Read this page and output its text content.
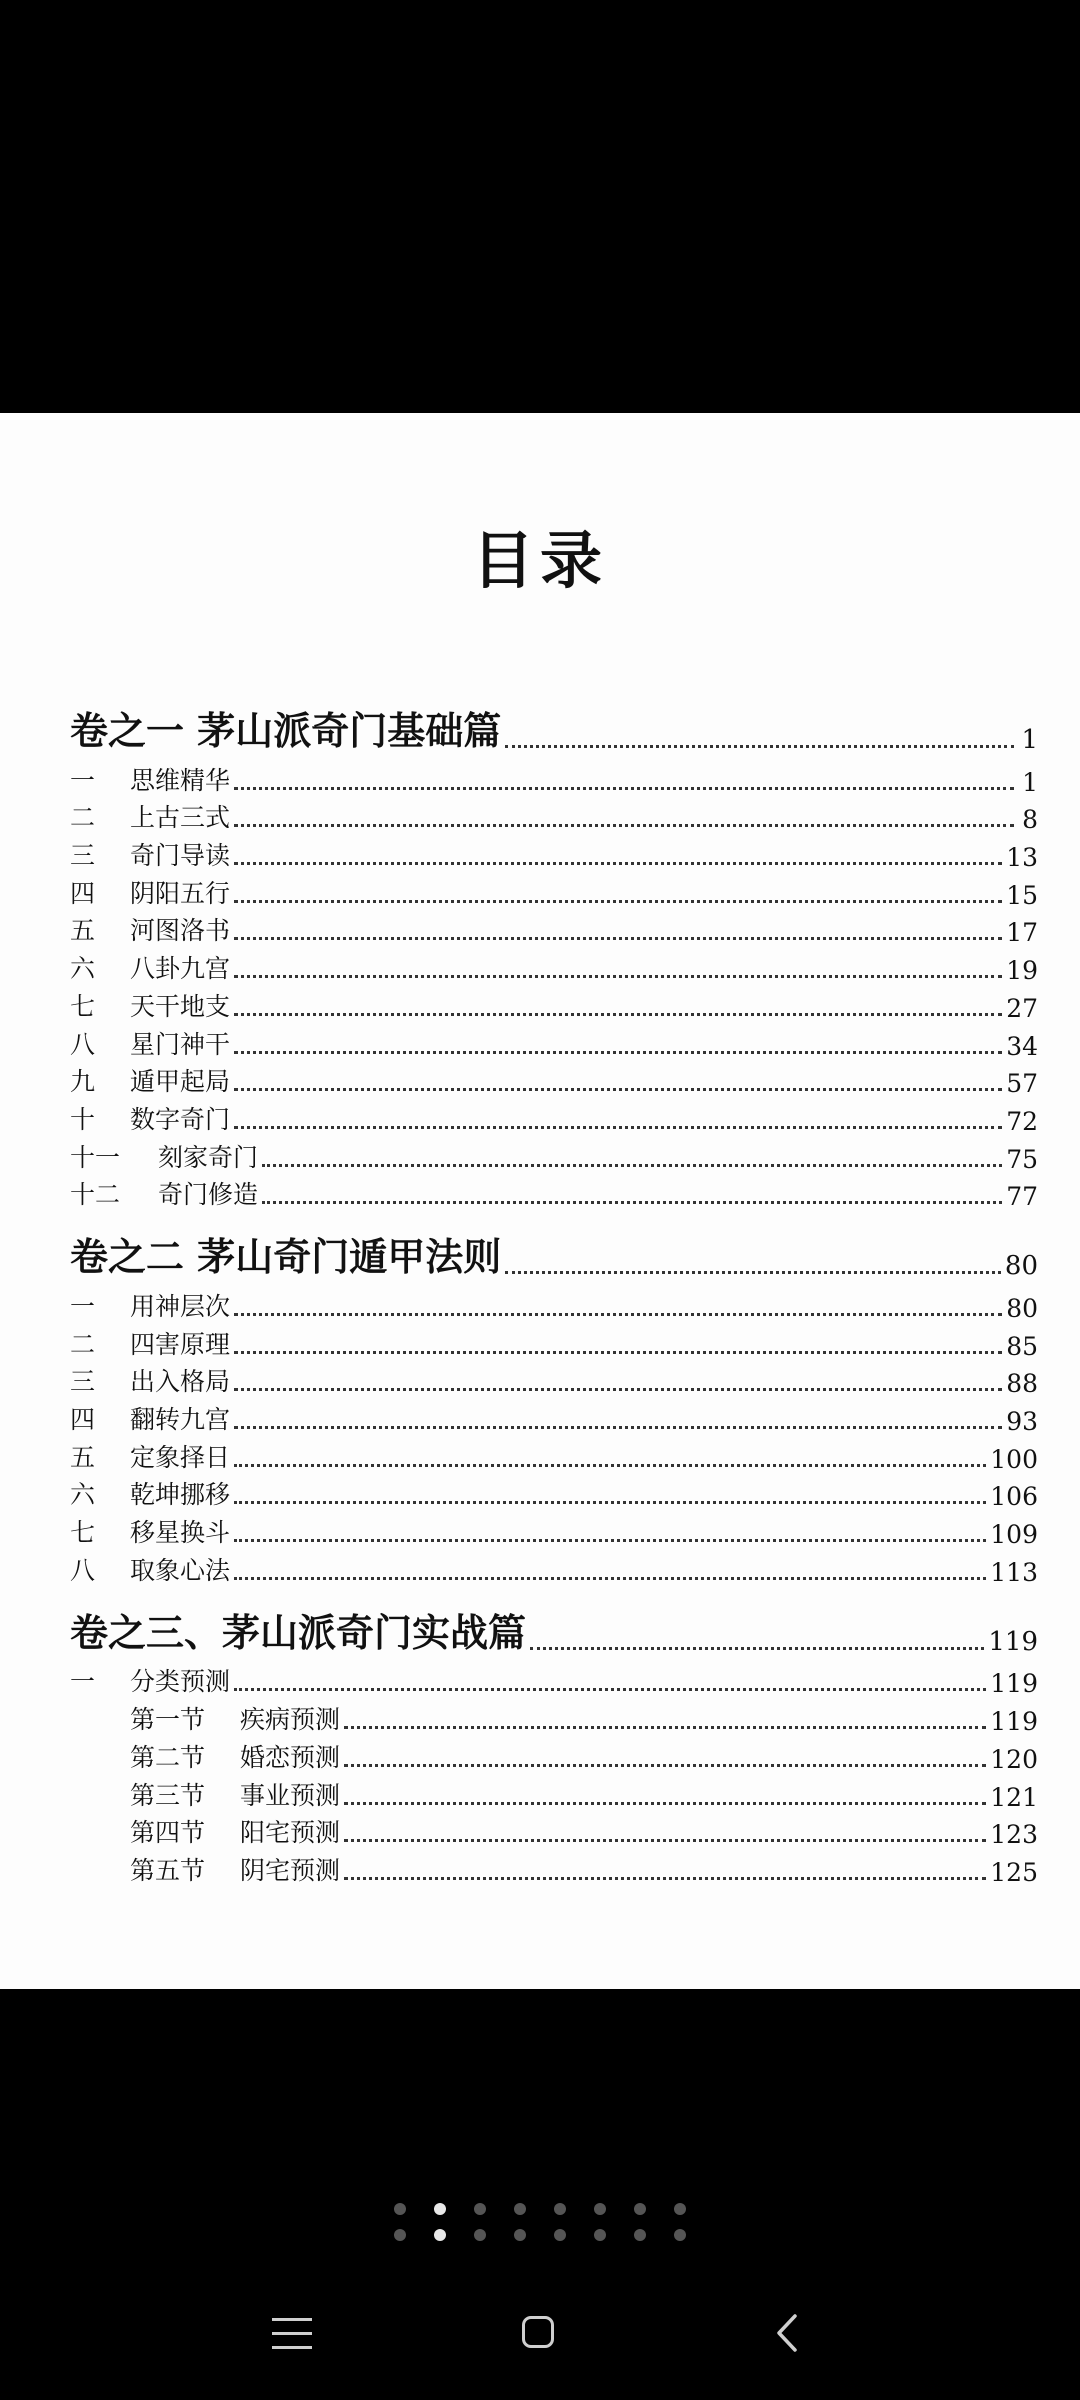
目录
卷之一 茅山派奇门基础篇	1
一	思维精华	1
二	上古三式	8
三	奇门导读	13
四	阴阳五行	15
五	河图洛书	17
六	八卦九宫	19
七	天干地支	27
八	星门神干	34
九	遁甲起局	57
十	数字奇门	72
十一	刻家奇门	75
十二	奇门修造	77
卷之二 茅山奇门遁甲法则	80
一	用神层次	80
二	四害原理	85
三	出入格局	88
四	翻转九宫	93
五	定象择日	100
六	乾坤挪移	106
七	移星换斗	109
八	取象心法	113
卷之三、茅山派奇门实战篇	119
一	分类预测	119
第一节	疾病预测	119
第二节	婚恋预测	120
第三节	事业预测	121
第四节	阳宅预测	123
第五节	阴宅预测	125
